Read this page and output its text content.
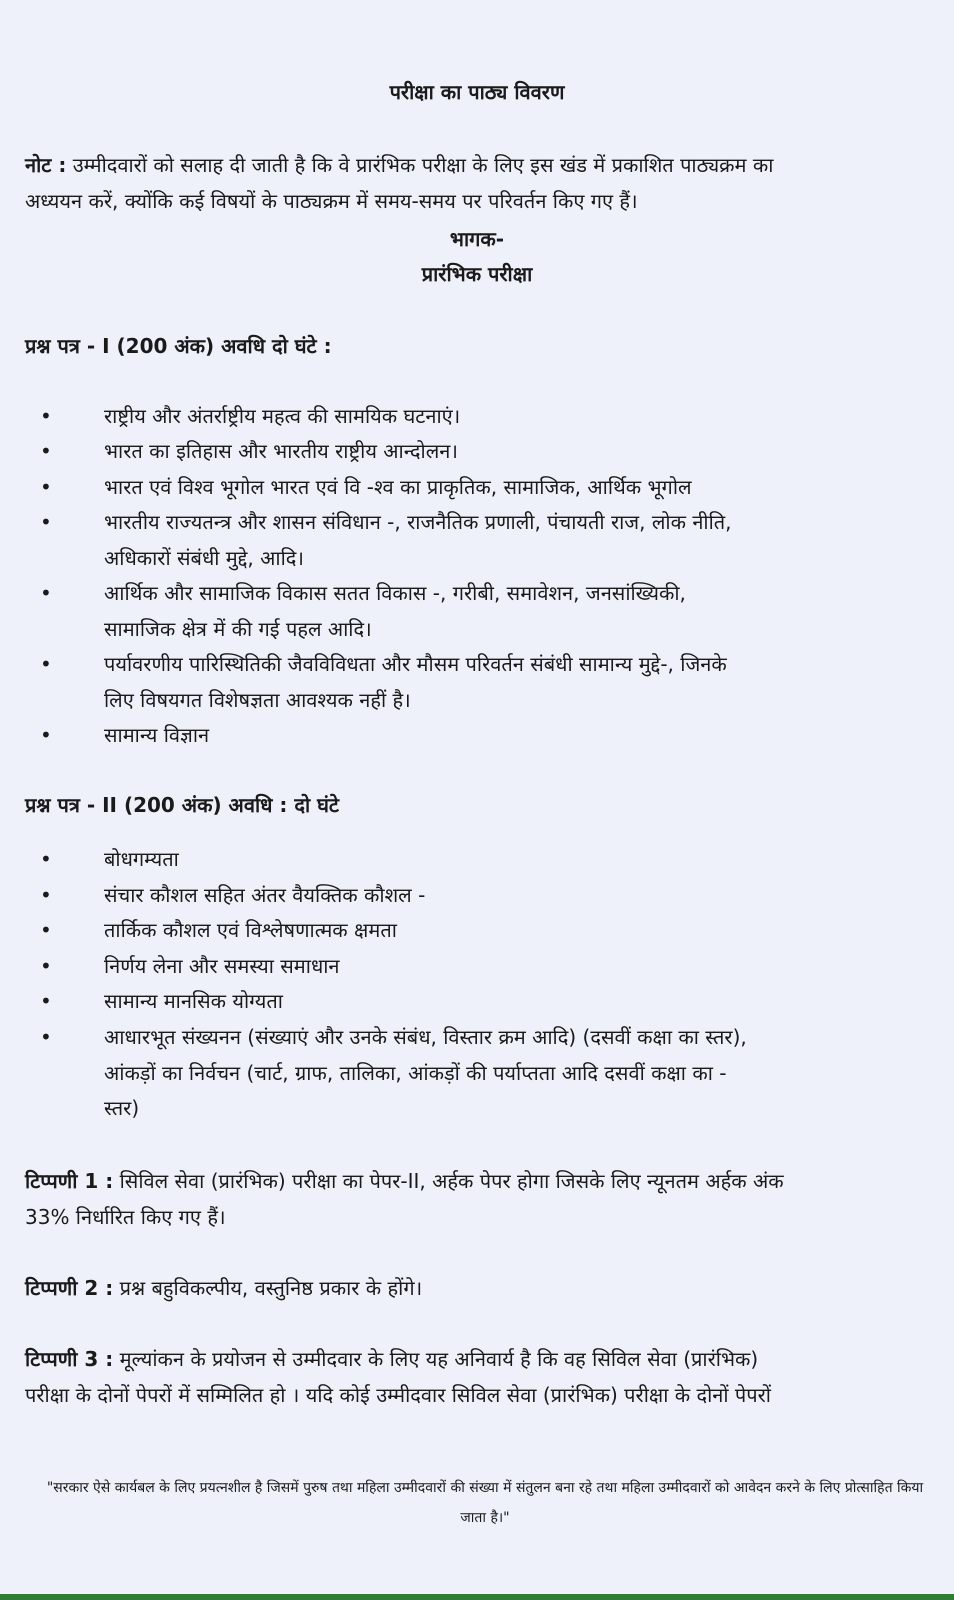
परीक्षा का पाठ्य विवरण
नोट : उम्मीदवारों को सलाह दी जाती है कि वे प्रारंभिक परीक्षा के लिए इस खंड में प्रकाशित पाठ्यक्रम का
अध्ययन करें, क्योंकि कई विषयों के पाठ्यक्रम में समय-समय पर परिवर्तन किए गए हैं।
भागक-
प्रारंभिक परीक्षा
प्रश्न पत्र - I (200 अंक) अवधि दो घंटे :
•	राष्ट्रीय और अंतर्राष्ट्रीय महत्व की सामयिक घटनाएं।
•	भारत का इतिहास और भारतीय राष्ट्रीय आन्दोलन।
•	भारत एवं विश्व भूगोल भारत एवं वि -श्व का प्राकृतिक, सामाजिक, आर्थिक भूगोल
•	भारतीय राज्यतन्त्र और शासन संविधान -, राजनैतिक प्रणाली, पंचायती राज, लोक नीति,
अधिकारों संबंधी मुद्दे, आदि।
•	आर्थिक और सामाजिक विकास सतत विकास -, गरीबी, समावेशन, जनसांख्यिकी,
सामाजिक क्षेत्र में की गई पहल आदि।
•	पर्यावरणीय पारिस्थितिकी जैवविविधता और मौसम परिवर्तन संबंधी सामान्य मुद्दे-, जिनके
लिए विषयगत विशेषज्ञता आवश्यक नहीं है।
•	सामान्य विज्ञान
प्रश्न पत्र - II (200 अंक) अवधि : दो घंटे
•	बोधगम्यता
•	संचार कौशल सहित अंतर वैयक्तिक कौशल -
•	तार्किक कौशल एवं विश्लेषणात्मक क्षमता
•	निर्णय लेना और समस्या समाधान
•	सामान्य मानसिक योग्यता
•	आधारभूत संख्यनन (संख्याएं और उनके संबंध, विस्तार क्रम आदि) (दसवीं कक्षा का स्तर),
आंकड़ों का निर्वचन (चार्ट, ग्राफ, तालिका, आंकड़ों की पर्याप्तता आदि दसवीं कक्षा का -
स्तर)
टिप्पणी 1 : सिविल सेवा (प्रारंभिक) परीक्षा का पेपर-II, अर्हक पेपर होगा जिसके लिए न्यूनतम अर्हक अंक
33% निर्धारित किए गए हैं।
टिप्पणी 2 : प्रश्न बहुविकल्पीय, वस्तुनिष्ठ प्रकार के होंगे।
टिप्पणी 3 : मूल्यांकन के प्रयोजन से उम्मीदवार के लिए यह अनिवार्य है कि वह सिविल सेवा (प्रारंभिक)
परीक्षा के दोनों पेपरों में सम्मिलित हो । यदि कोई उम्मीदवार सिविल सेवा (प्रारंभिक) परीक्षा के दोनों पेपरों
"सरकार ऐसे कार्यबल के लिए प्रयत्नशील है जिसमें पुरुष तथा महिला उम्मीदवारों की संख्या में संतुलन बना रहे तथा महिला उम्मीदवारों को आवेदन करने के लिए प्रोत्साहित किया जाता है।"
